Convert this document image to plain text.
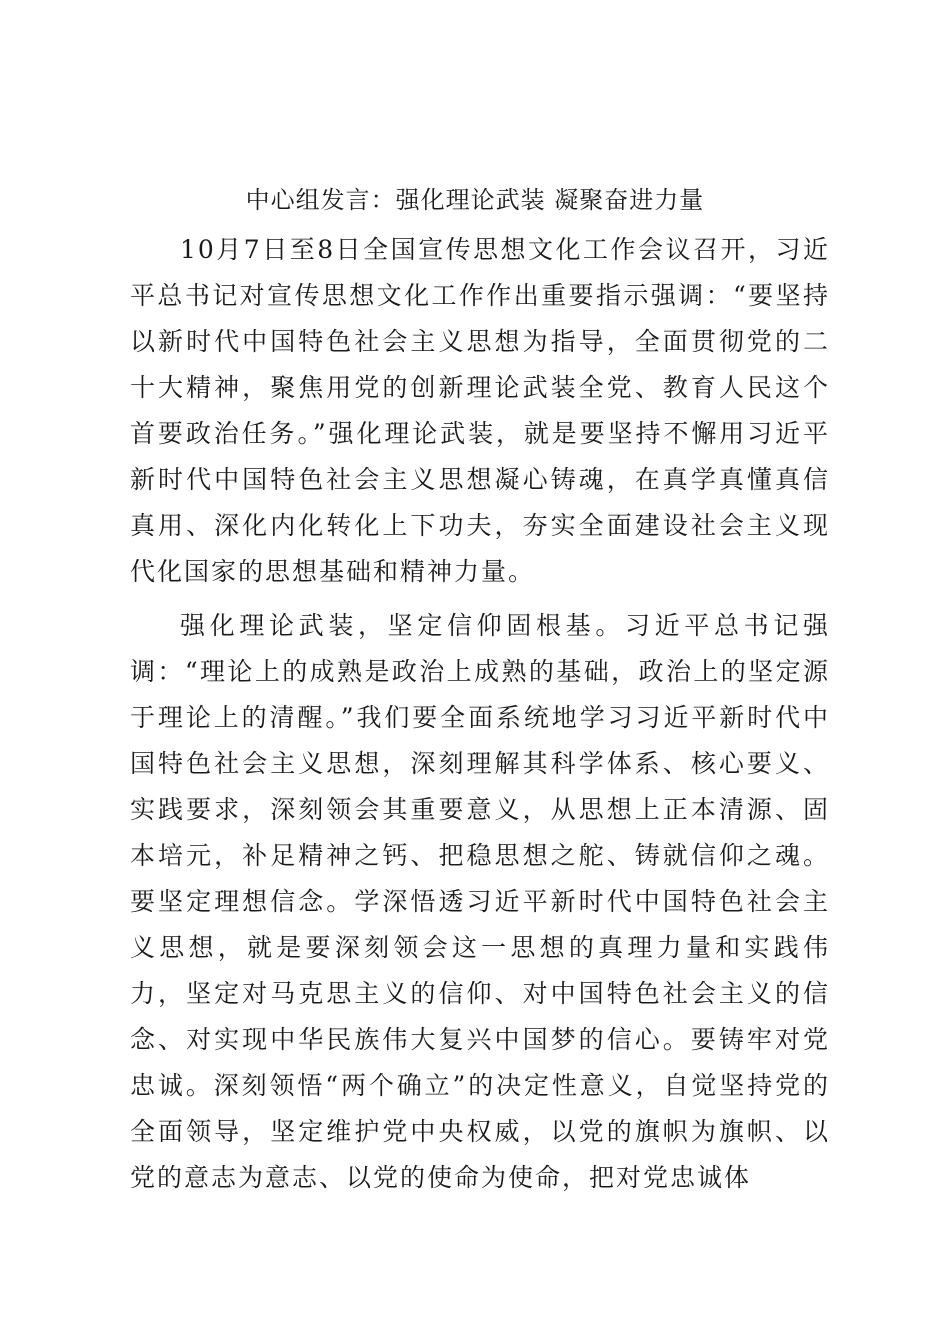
中心组发言：强化理论武装 凝聚奋进力量

10月7日至8日全国宣传思想文化工作会议召开，习近平总书记对宣传思想文化工作作出重要指示强调：“要坚持以新时代中国特色社会主义思想为指导，全面贯彻党的二十大精神，聚焦用党的创新理论武装全党、教育人民这个首要政治任务。”强化理论武装，就是要坚持不懈用习近平新时代中国特色社会主义思想凝心铸魂，在真学真懂真信真用、深化内化转化上下功夫，夯实全面建设社会主义现代化国家的思想基础和精神力量。

强化理论武装，坚定信仰固根基。习近平总书记强调：“理论上的成熟是政治上成熟的基础，政治上的坚定源于理论上的清醒。”我们要全面系统地学习习近平新时代中国特色社会主义思想，深刻理解其科学体系、核心要义、实践要求，深刻领会其重要意义，从思想上正本清源、固本培元，补足精神之钙、把稳思想之舵、铸就信仰之魂。要坚定理想信念。学深悟透习近平新时代中国特色社会主义思想，就是要深刻领会这一思想的真理力量和实践伟力，坚定对马克思主义的信仰、对中国特色社会主义的信念、对实现中华民族伟大复兴中国梦的信心。要铸牢对党忠诚。深刻领悟“两个确立”的决定性意义，自觉坚持党的全面领导，坚定维护党中央权威，以党的旗帜为旗帜、以党的意志为意志、以党的使命为使命，把对党忠诚体
